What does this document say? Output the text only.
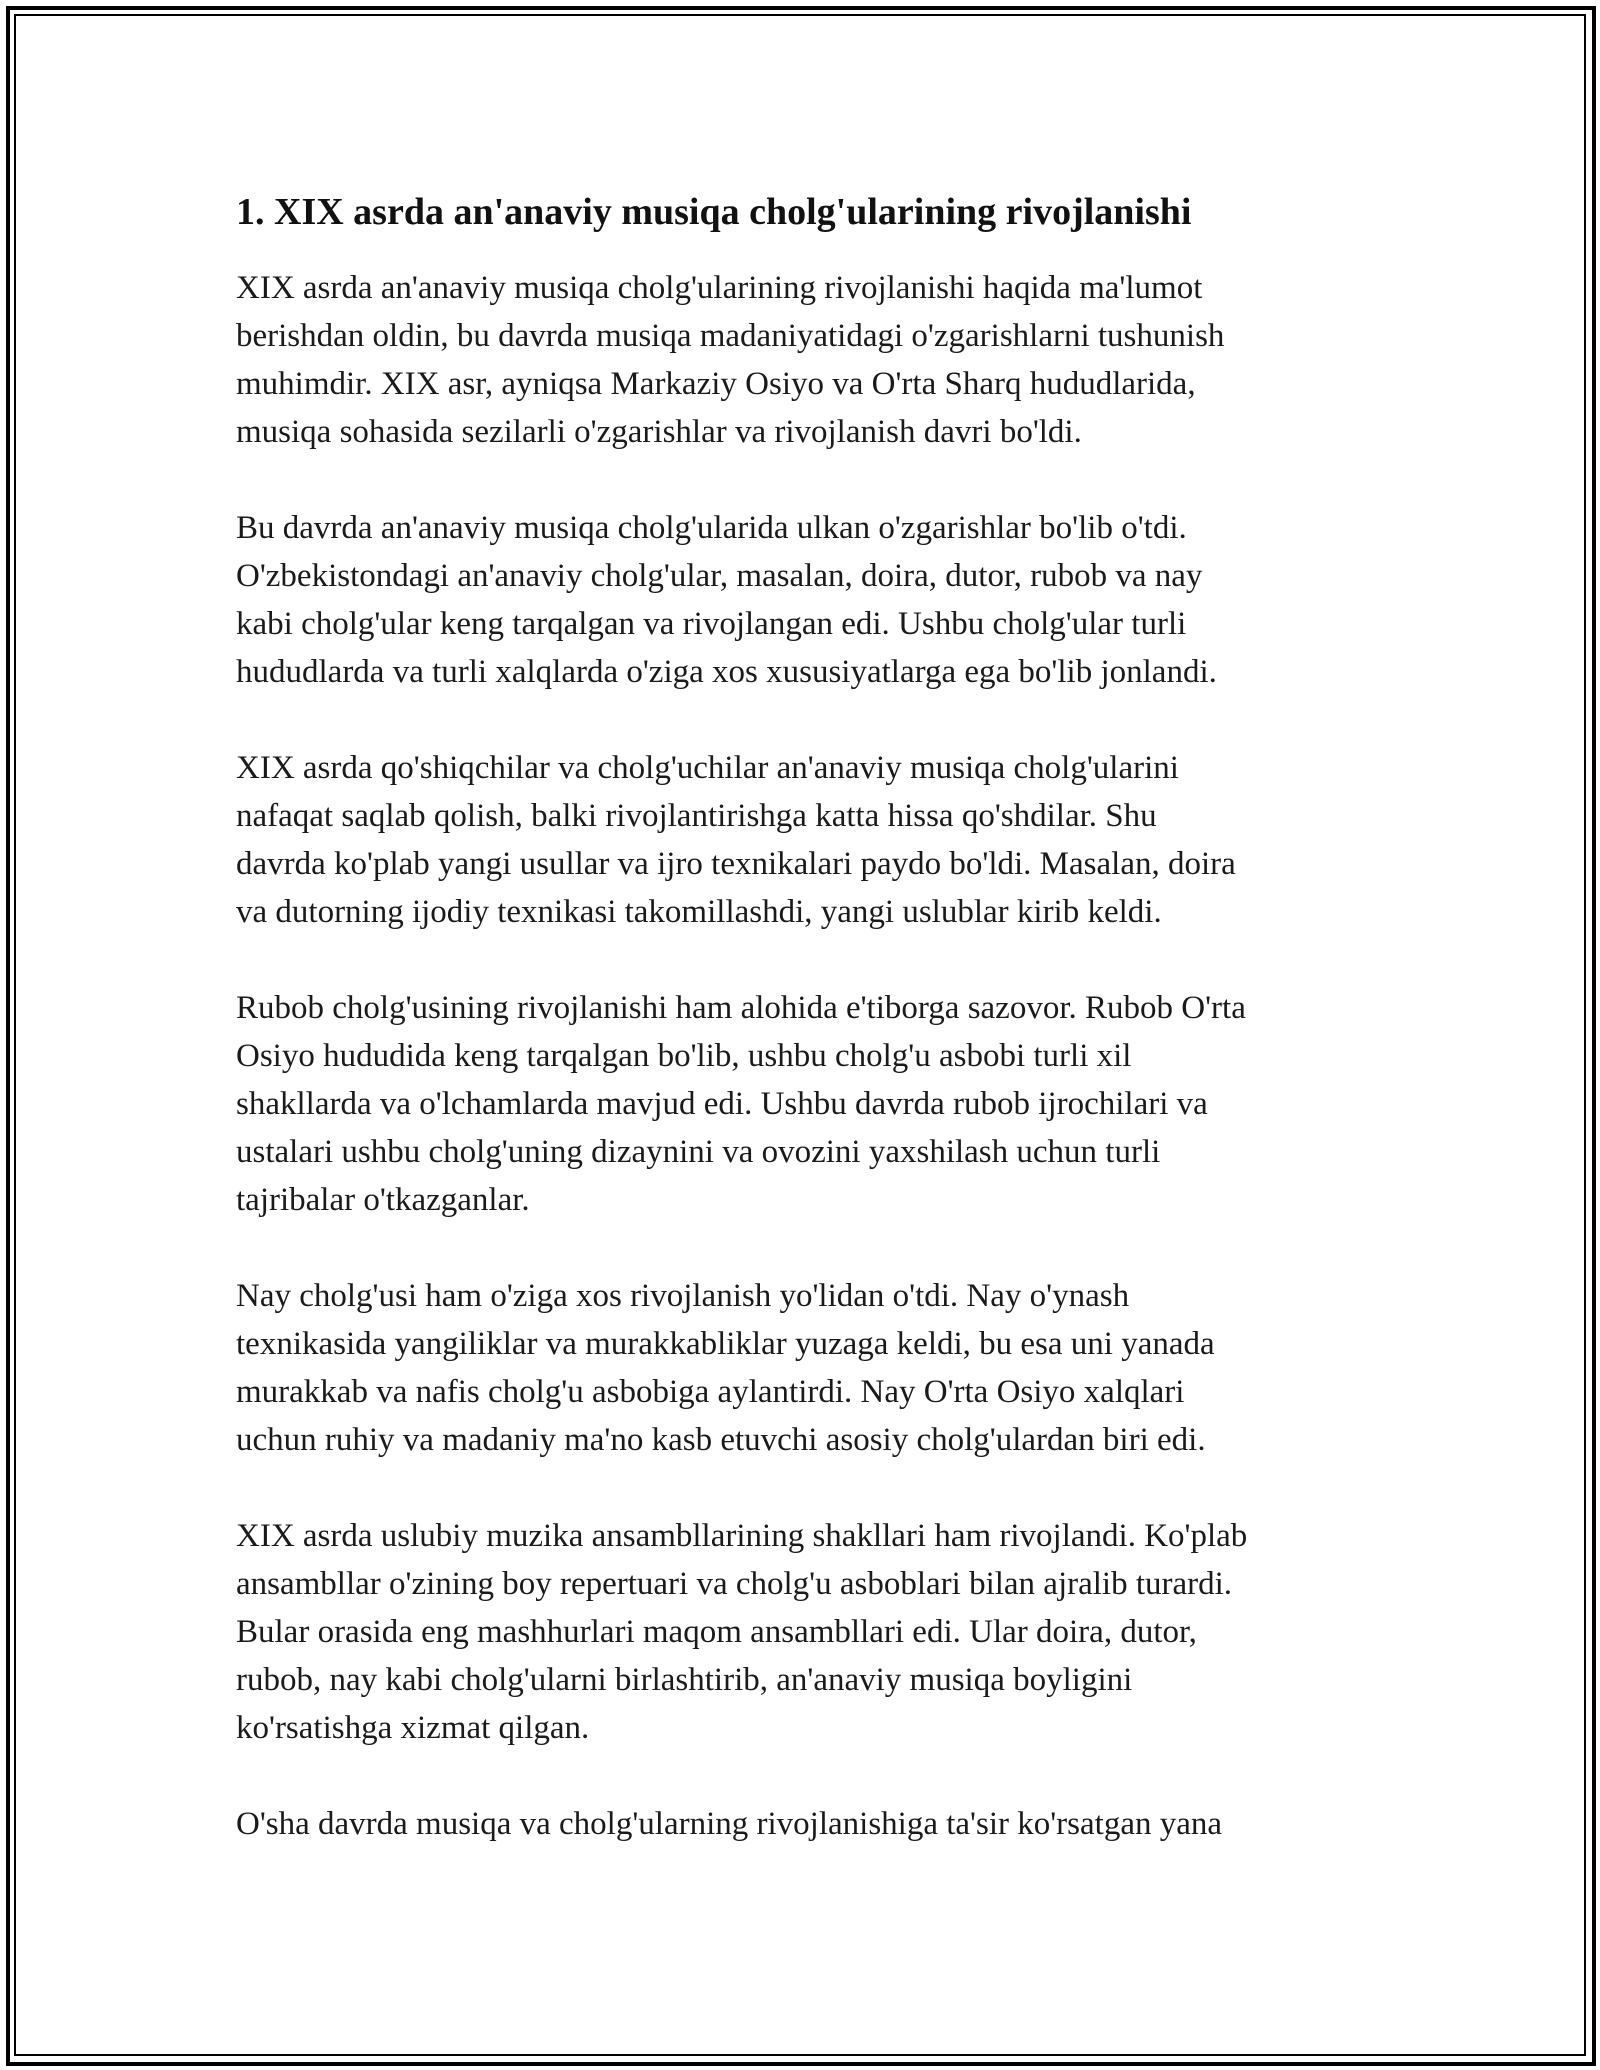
1. XIX asrda an'anaviy musiqa cholg'ularining rivojlanishi

XIX asrda an'anaviy musiqa cholg'ularining rivojlanishi haqida ma'lumot
berishdan oldin, bu davrda musiqa madaniyatidagi o'zgarishlarni tushunish
muhimdir. XIX asr, ayniqsa Markaziy Osiyo va O'rta Sharq hududlarida,
musiqa sohasida sezilarli o'zgarishlar va rivojlanish davri bo'ldi.

Bu davrda an'anaviy musiqa cholg'ularida ulkan o'zgarishlar bo'lib o'tdi.
O'zbekistondagi an'anaviy cholg'ular, masalan, doira, dutor, rubob va nay
kabi cholg'ular keng tarqalgan va rivojlangan edi. Ushbu cholg'ular turli
hududlarda va turli xalqlarda o'ziga xos xususiyatlarga ega bo'lib jonlandi.

XIX asrda qo'shiqchilar va cholg'uchilar an'anaviy musiqa cholg'ularini
nafaqat saqlab qolish, balki rivojlantirishga katta hissa qo'shdilar. Shu
davrda ko'plab yangi usullar va ijro texnikalari paydo bo'ldi. Masalan, doira
va dutorning ijodiy texnikasi takomillashdi, yangi uslublar kirib keldi.

Rubob cholg'usining rivojlanishi ham alohida e'tiborga sazovor. Rubob O'rta
Osiyo hududida keng tarqalgan bo'lib, ushbu cholg'u asbobi turli xil
shakllarda va o'lchamlarda mavjud edi. Ushbu davrda rubob ijrochilari va
ustalari ushbu cholg'uning dizaynini va ovozini yaxshilash uchun turli
tajribalar o'tkazganlar.

Nay cholg'usi ham o'ziga xos rivojlanish yo'lidan o'tdi. Nay o'ynash
texnikasida yangiliklar va murakkabliklar yuzaga keldi, bu esa uni yanada
murakkab va nafis cholg'u asbobiga aylantirdi. Nay O'rta Osiyo xalqlari
uchun ruhiy va madaniy ma'no kasb etuvchi asosiy cholg'ulardan biri edi.

XIX asrda uslubiy muzika ansambllarining shakllari ham rivojlandi. Ko'plab
ansambllar o'zining boy repertuari va cholg'u asboblari bilan ajralib turardi.
Bular orasida eng mashhurlari maqom ansambllari edi. Ular doira, dutor,
rubob, nay kabi cholg'ularni birlashtirib, an'anaviy musiqa boyligini
ko'rsatishga xizmat qilgan.

O'sha davrda musiqa va cholg'ularning rivojlanishiga ta'sir ko'rsatgan yana
